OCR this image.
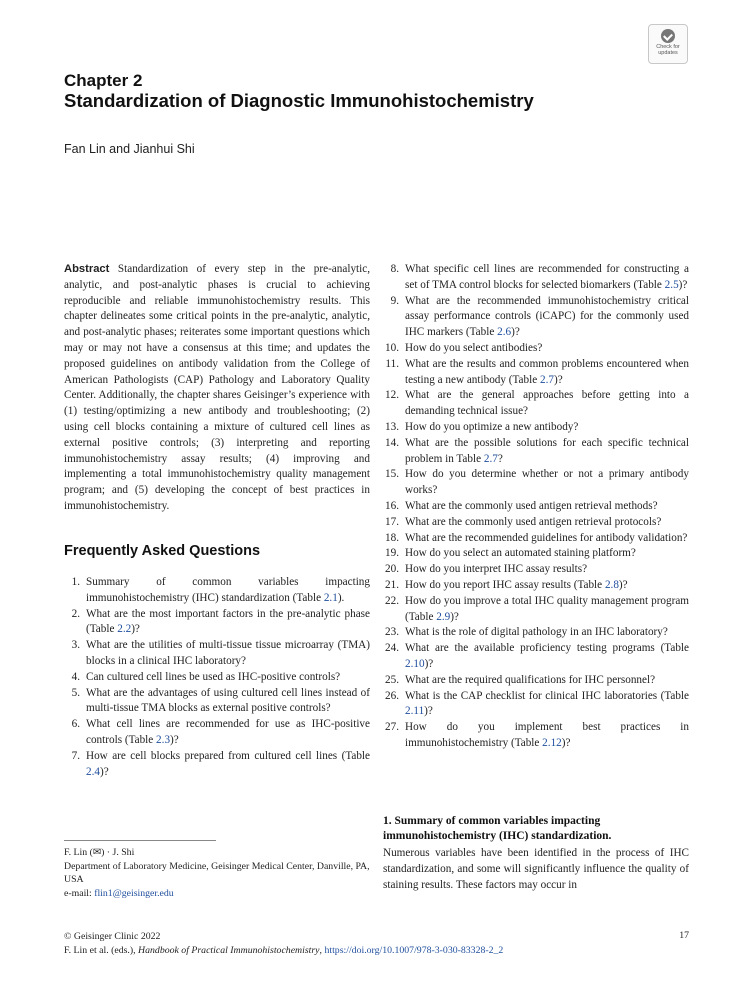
Check for
updates
Chapter 2
Standardization of Diagnostic Immunohistochemistry
Fan Lin and Jianhui Shi
Abstract Standardization of every step in the pre-analytic, analytic, and post-analytic phases is crucial to achieving reproducible and reliable immunohistochemistry results. This chapter delineates some critical points in the pre-analytic, analytic, and post-analytic phases; reiterates some important questions which may or may not have a consensus at this time; and updates the proposed guidelines on antibody validation from the College of American Pathologists (CAP) Pathology and Laboratory Quality Center. Additionally, the chapter shares Geisinger’s experience with (1) testing/optimizing a new antibody and troubleshooting; (2) using cell blocks containing a mixture of cultured cell lines as external positive controls; (3) interpreting and reporting immunohistochemistry assay results; (4) improving and implementing a total immunohistochemistry quality management program; and (5) developing the concept of best practices in immunohistochemistry.
Frequently Asked Questions
1. Summary of common variables impacting immunohistochemistry (IHC) standardization (Table 2.1).
2. What are the most important factors in the pre-analytic phase (Table 2.2)?
3. What are the utilities of multi-tissue tissue microarray (TMA) blocks in a clinical IHC laboratory?
4. Can cultured cell lines be used as IHC-positive controls?
5. What are the advantages of using cultured cell lines instead of multi-tissue TMA blocks as external positive controls?
6. What cell lines are recommended for use as IHC-positive controls (Table 2.3)?
7. How are cell blocks prepared from cultured cell lines (Table 2.4)?
8. What specific cell lines are recommended for constructing a set of TMA control blocks for selected biomarkers (Table 2.5)?
9. What are the recommended immunohistochemistry critical assay performance controls (iCAPC) for the commonly used IHC markers (Table 2.6)?
10. How do you select antibodies?
11. What are the results and common problems encountered when testing a new antibody (Table 2.7)?
12. What are the general approaches before getting into a demanding technical issue?
13. How do you optimize a new antibody?
14. What are the possible solutions for each specific technical problem in Table 2.7?
15. How do you determine whether or not a primary antibody works?
16. What are the commonly used antigen retrieval methods?
17. What are the commonly used antigen retrieval protocols?
18. What are the recommended guidelines for antibody validation?
19. How do you select an automated staining platform?
20. How do you interpret IHC assay results?
21. How do you report IHC assay results (Table 2.8)?
22. How do you improve a total IHC quality management program (Table 2.9)?
23. What is the role of digital pathology in an IHC laboratory?
24. What are the available proficiency testing programs (Table 2.10)?
25. What are the required qualifications for IHC personnel?
26. What is the CAP checklist for clinical IHC laboratories (Table 2.11)?
27. How do you implement best practices in immunohistochemistry (Table 2.12)?
1. Summary of common variables impacting immunohistochemistry (IHC) standardization.
Numerous variables have been identified in the process of IHC standardization, and some will significantly influence the quality of staining results. These factors may occur in
F. Lin (✉) · J. Shi
Department of Laboratory Medicine, Geisinger Medical Center, Danville, PA, USA
e-mail: flin1@geisinger.edu
© Geisinger Clinic 2022
F. Lin et al. (eds.), Handbook of Practical Immunohistochemistry, https://doi.org/10.1007/978-3-030-83328-2_2
17
